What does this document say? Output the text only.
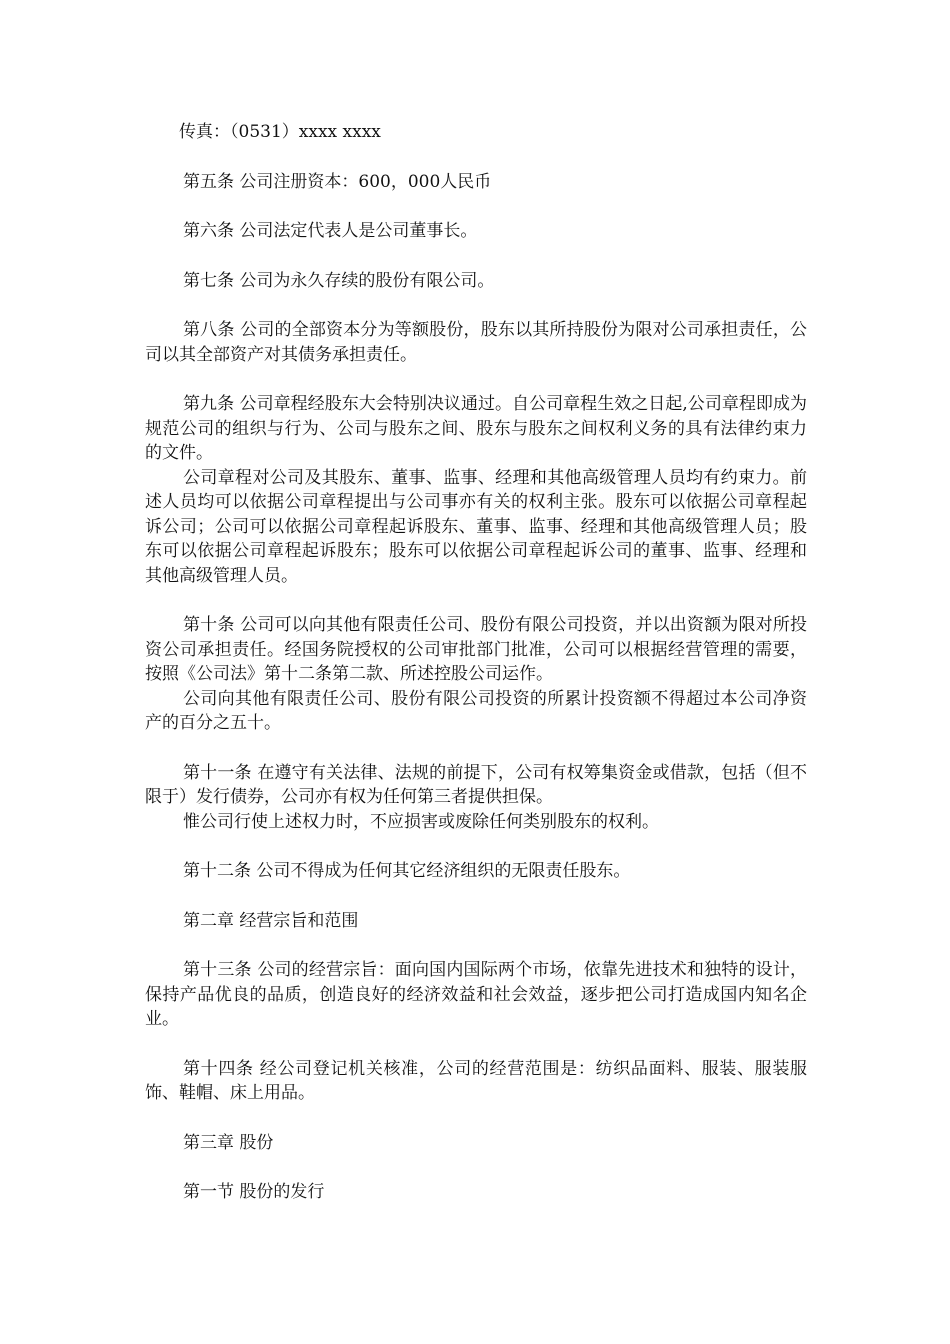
传真：（0531）xxxx xxxx

第五条 公司注册资本：600，000人民币

第六条 公司法定代表人是公司董事长。

第七条 公司为永久存续的股份有限公司。

第八条 公司的全部资本分为等额股份，股东以其所持股份为限对公司承担责任，公司以其全部资产对其债务承担责任。

第九条 公司章程经股东大会特别决议通过。自公司章程生效之日起,公司章程即成为规范公司的组织与行为、公司与股东之间、股东与股东之间权利义务的具有法律约束力的文件。

公司章程对公司及其股东、董事、监事、经理和其他高级管理人员均有约束力。前述人员均可以依据公司章程提出与公司事亦有关的权利主张。股东可以依据公司章程起诉公司；公司可以依据公司章程起诉股东、董事、监事、经理和其他高级管理人员；股东可以依据公司章程起诉股东；股东可以依据公司章程起诉公司的董事、监事、经理和其他高级管理人员。

第十条 公司可以向其他有限责任公司、股份有限公司投资，并以出资额为限对所投资公司承担责任。经国务院授权的公司审批部门批准，公司可以根据经营管理的需要，按照《公司法》第十二条第二款、所述控股公司运作。

公司向其他有限责任公司、股份有限公司投资的所累计投资额不得超过本公司净资产的百分之五十。

第十一条 在遵守有关法律、法规的前提下，公司有权筹集资金或借款，包括（但不限于）发行债券，公司亦有权为任何第三者提供担保。

惟公司行使上述权力时，不应损害或废除任何类别股东的权利。

第十二条 公司不得成为任何其它经济组织的无限责任股东。

第二章 经营宗旨和范围

第十三条 公司的经营宗旨：面向国内国际两个市场，依靠先进技术和独特的设计，保持产品优良的品质，创造良好的经济效益和社会效益，逐步把公司打造成国内知名企业。

第十四条 经公司登记机关核准，公司的经营范围是：纺织品面料、服装、服装服饰、鞋帽、床上用品。

第三章 股份

第一节 股份的发行
